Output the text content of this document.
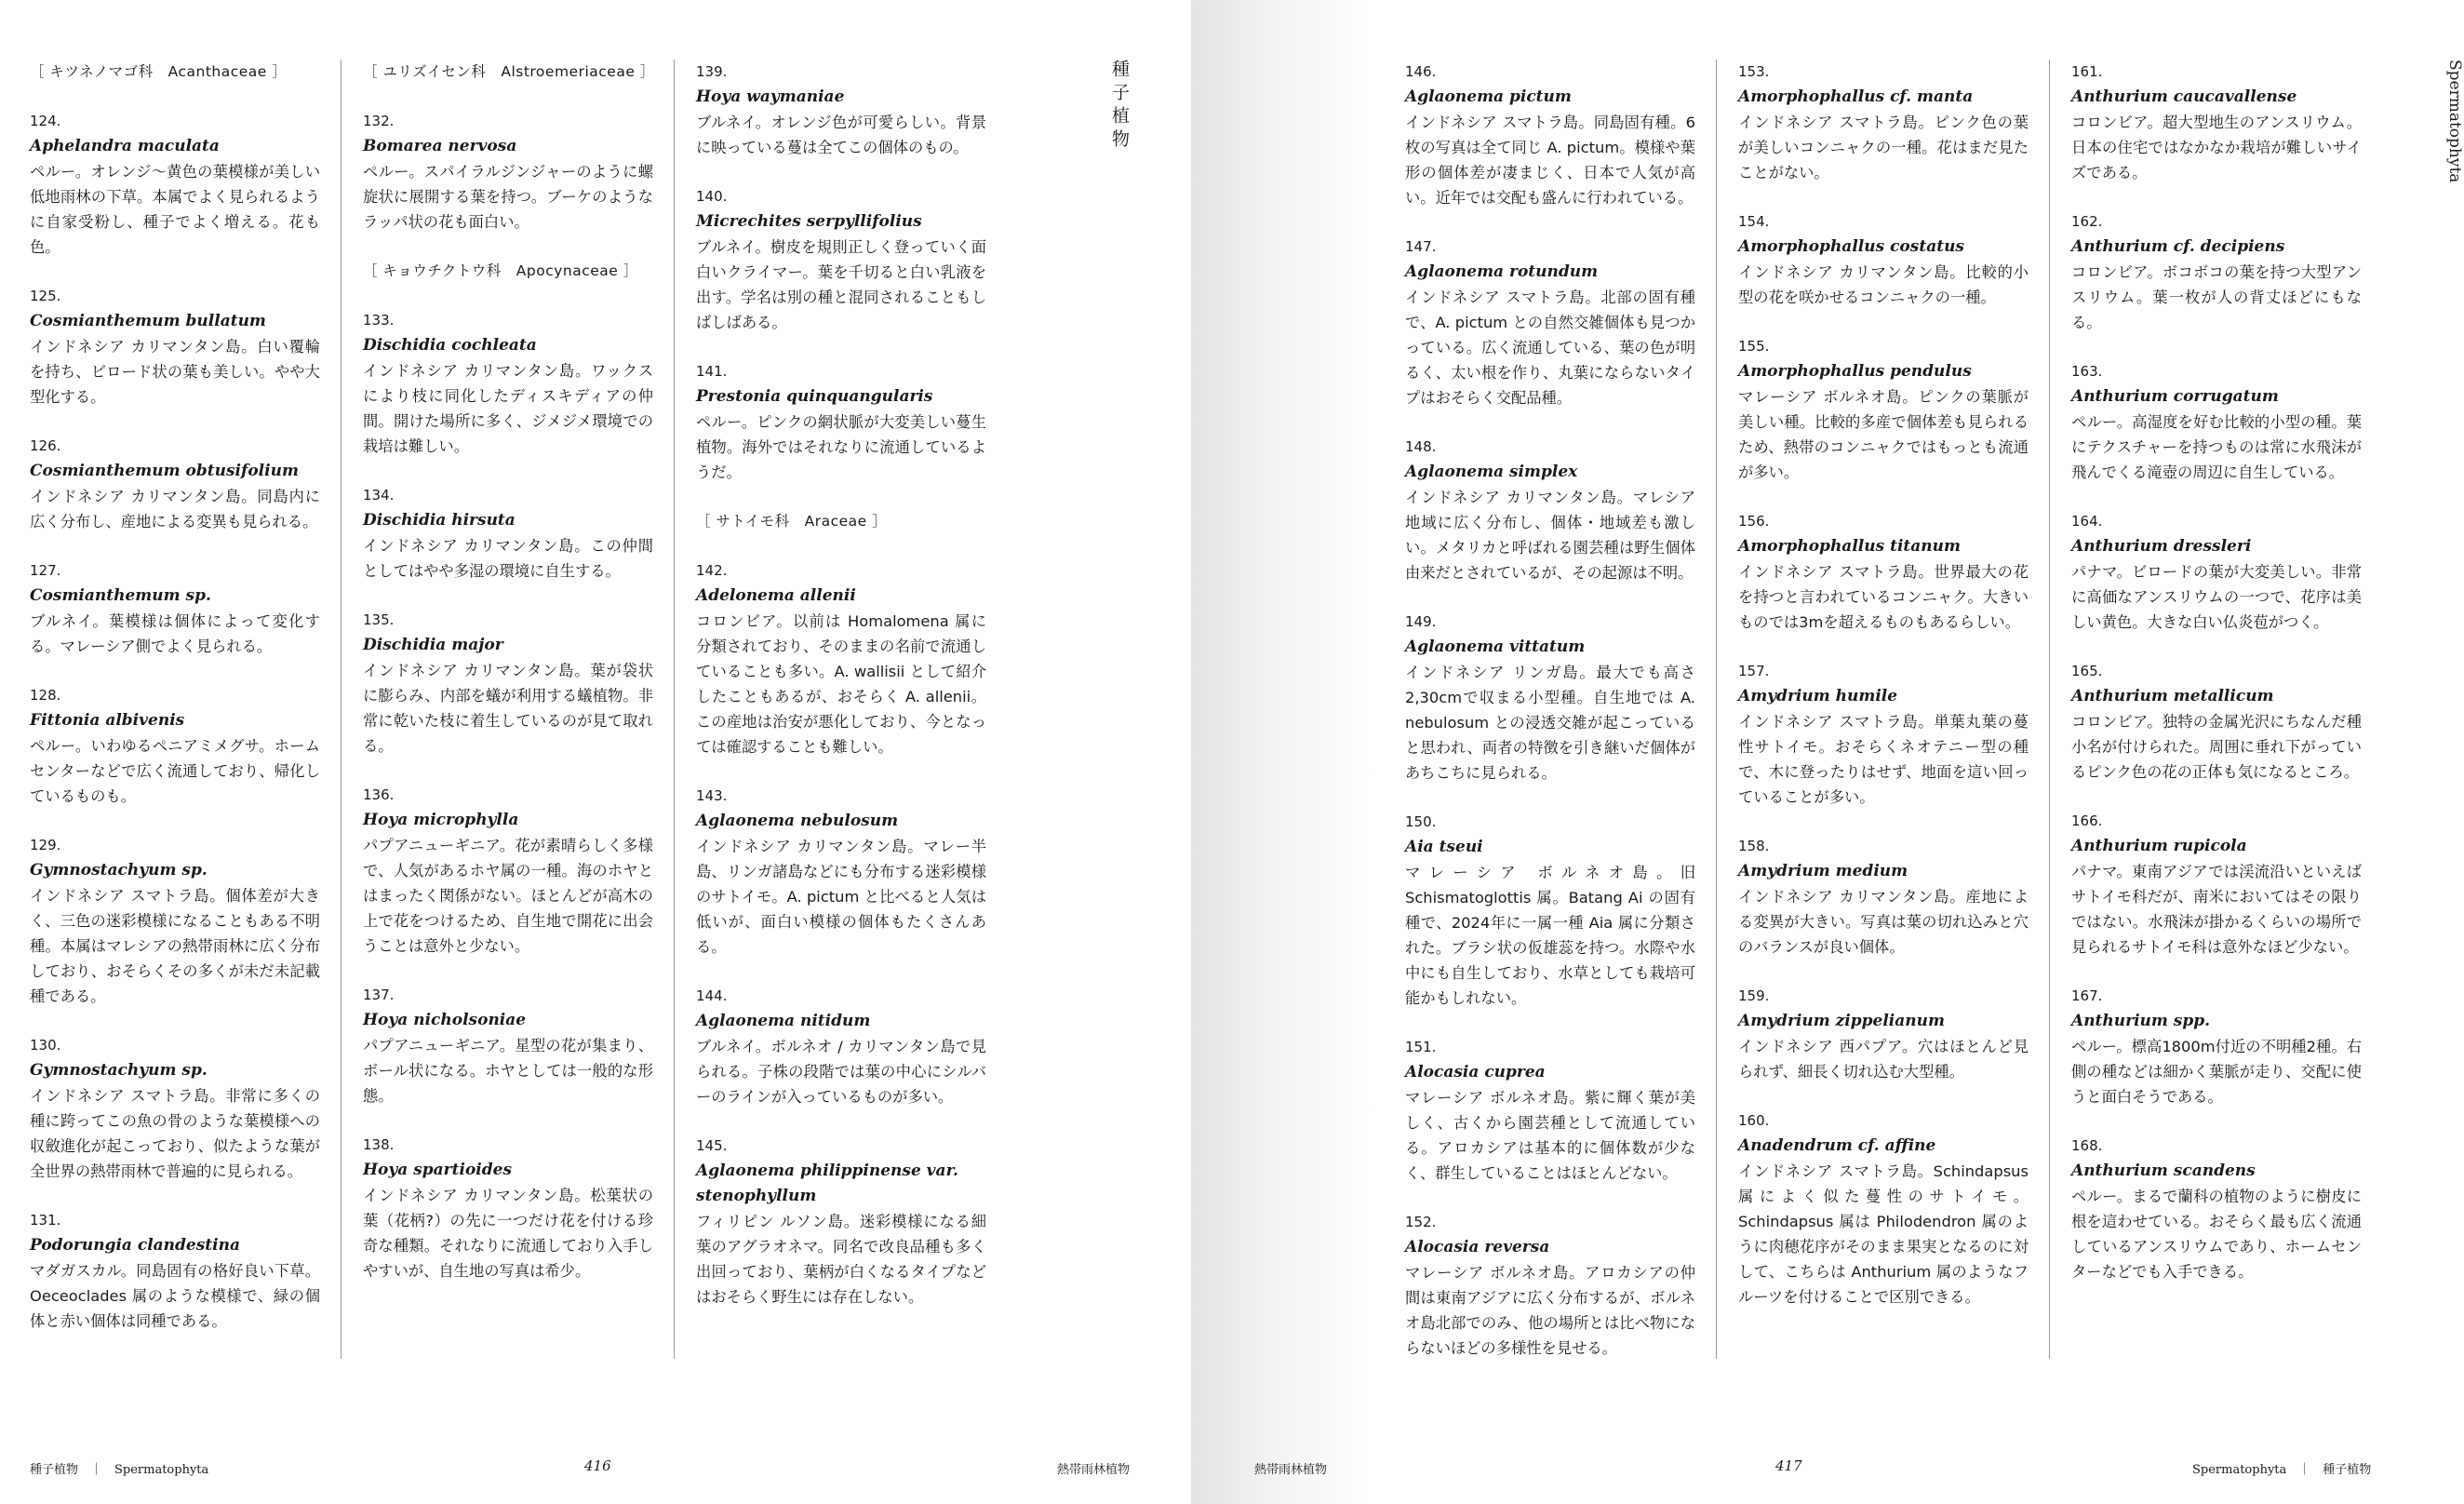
［ キツネノマゴ科　Acanthaceae ］
124.
Aphelandra maculata
ペルー。オレンジ〜黄色の葉模様が美しい低地雨林の下草。本属でよく見られるように自家受粉し、種子でよく増える。花も色。
125.
Cosmianthemum bullatum
インドネシア カリマンタン島。白い覆輪を持ち、ビロード状の葉も美しい。やや大型化する。
126.
Cosmianthemum obtusifolium
インドネシア カリマンタン島。同島内に広く分布し、産地による変異も見られる。
127.
Cosmianthemum sp.
ブルネイ。葉模様は個体によって変化する。マレーシア側でよく見られる。
128.
Fittonia albivenis
ペルー。いわゆるペニアミメグサ。ホームセンターなどで広く流通しており、帰化しているものも。
129.
Gymnostachyum sp.
インドネシア スマトラ島。個体差が大きく、三色の迷彩模様になることもある不明種。本属はマレシアの熱帯雨林に広く分布しており、おそらくその多くが未だ未記載種である。
130.
Gymnostachyum sp.
インドネシア スマトラ島。非常に多くの種に跨ってこの魚の骨のような葉模様への収斂進化が起こっており、似たような葉が全世界の熱帯雨林で普遍的に見られる。
131.
Podorungia clandestina
マダガスカル。同島固有の格好良い下草。Oeceoclades 属のような模様で、緑の個体と赤い個体は同種である。
［ ユリズイセン科　Alstroemeriaceae ］
132.
Bomarea nervosa
ペルー。スパイラルジンジャーのように螺旋状に展開する葉を持つ。ブーケのようなラッパ状の花も面白い。
［ キョウチクトウ科　Apocynaceae ］
133.
Dischidia cochleata
インドネシア カリマンタン島。ワックスにより枝に同化したディスキディアの仲間。開けた場所に多く、ジメジメ環境での栽培は難しい。
134.
Dischidia hirsuta
インドネシア カリマンタン島。この仲間としてはやや多湿の環境に自生する。
135.
Dischidia major
インドネシア カリマンタン島。葉が袋状に膨らみ、内部を蟻が利用する蟻植物。非常に乾いた枝に着生しているのが見て取れる。
136.
Hoya microphylla
パプアニューギニア。花が素晴らしく多様で、人気があるホヤ属の一種。海のホヤとはまったく関係がない。ほとんどが高木の上で花をつけるため、自生地で開花に出会うことは意外と少ない。
137.
Hoya nicholsoniae
パプアニューギニア。星型の花が集まり、ボール状になる。ホヤとしては一般的な形態。
138.
Hoya spartioides
インドネシア カリマンタン島。松葉状の葉（花柄?）の先に一つだけ花を付ける珍奇な種類。それなりに流通しており入手しやすいが、自生地の写真は希少。
139.
Hoya waymaniae
ブルネイ。オレンジ色が可愛らしい。背景に映っている蔓は全てこの個体のもの。
140.
Micrechites serpyllifolius
ブルネイ。樹皮を規則正しく登っていく面白いクライマー。葉を千切ると白い乳液を出す。学名は別の種と混同されることもしばしばある。
141.
Prestonia quinquangularis
ペルー。ピンクの網状脈が大変美しい蔓生植物。海外ではそれなりに流通しているようだ。
［ サトイモ科　Araceae ］
142.
Adelonema allenii
コロンビア。以前は Homalomena 属に分類されており、そのままの名前で流通していることも多い。A. wallisii として紹介したこともあるが、おそらく A. allenii。この産地は治安が悪化しており、今となっては確認することも難しい。
143.
Aglaonema nebulosum
インドネシア カリマンタン島。マレー半島、リンガ諸島などにも分布する迷彩模様のサトイモ。A. pictum と比べると人気は低いが、面白い模様の個体もたくさんある。
144.
Aglaonema nitidum
ブルネイ。ボルネオ / カリマンタン島で見られる。子株の段階では葉の中心にシルバーのラインが入っているものが多い。
145.
Aglaonema philippinense var. stenophyllum
フィリピン ルソン島。迷彩模様になる細葉のアグラオネマ。同名で改良品種も多く出回っており、葉柄が白くなるタイプなどはおそらく野生には存在しない。
種子植物
種子植物　｜　Spermatophyta	416	熱帯雨林植物
Spermatophyta
146.
Aglaonema pictum
インドネシア スマトラ島。同島固有種。6枚の写真は全て同じ A. pictum。模様や葉形の個体差が凄まじく、日本で人気が高い。近年では交配も盛んに行われている。
147.
Aglaonema rotundum
インドネシア スマトラ島。北部の固有種で、A. pictum との自然交雑個体も見つかっている。広く流通している、葉の色が明るく、太い根を作り、丸葉にならないタイプはおそらく交配品種。
148.
Aglaonema simplex
インドネシア カリマンタン島。マレシア地域に広く分布し、個体・地域差も激しい。メタリカと呼ばれる園芸種は野生個体由来だとされているが、その起源は不明。
149.
Aglaonema vittatum
インドネシア リンガ島。最大でも高さ2,30cmで収まる小型種。自生地では A. nebulosum との浸透交雑が起こっていると思われ、両者の特徴を引き継いだ個体があちこちに見られる。
150.
Aia tseui
マレーシア ボルネオ島。旧 Schismatoglottis 属。Batang Ai の固有種で、2024年に一属一種 Aia 属に分類された。ブラシ状の仮雄蕊を持つ。水際や水中にも自生しており、水草としても栽培可能かもしれない。
151.
Alocasia cuprea
マレーシア ボルネオ島。紫に輝く葉が美しく、古くから園芸種として流通している。アロカシアは基本的に個体数が少なく、群生していることはほとんどない。
152.
Alocasia reversa
マレーシア ボルネオ島。アロカシアの仲間は東南アジアに広く分布するが、ボルネオ島北部でのみ、他の場所とは比べ物にならないほどの多様性を見せる。
153.
Amorphophallus cf. manta
インドネシア スマトラ島。ピンク色の葉が美しいコンニャクの一種。花はまだ見たことがない。
154.
Amorphophallus costatus
インドネシア カリマンタン島。比較的小型の花を咲かせるコンニャクの一種。
155.
Amorphophallus pendulus
マレーシア ボルネオ島。ピンクの葉脈が美しい種。比較的多産で個体差も見られるため、熱帯のコンニャクではもっとも流通が多い。
156.
Amorphophallus titanum
インドネシア スマトラ島。世界最大の花を持つと言われているコンニャク。大きいものでは3mを超えるものもあるらしい。
157.
Amydrium humile
インドネシア スマトラ島。単葉丸葉の蔓性サトイモ。おそらくネオテニー型の種で、木に登ったりはせず、地面を這い回っていることが多い。
158.
Amydrium medium
インドネシア カリマンタン島。産地による変異が大きい。写真は葉の切れ込みと穴のバランスが良い個体。
159.
Amydrium zippelianum
インドネシア 西パプア。穴はほとんど見られず、細長く切れ込む大型種。
160.
Anadendrum cf. affine
インドネシア スマトラ島。Schindapsus 属によく似た蔓性のサトイモ。Schindapsus 属は Philodendron 属のように肉穂花序がそのまま果実となるのに対して、こちらは Anthurium 属のようなフルーツを付けることで区別できる。
161.
Anthurium caucavallense
コロンビア。超大型地生のアンスリウム。日本の住宅ではなかなか栽培が難しいサイズである。
162.
Anthurium cf. decipiens
コロンビア。ボコボコの葉を持つ大型アンスリウム。葉一枚が人の背丈ほどにもなる。
163.
Anthurium corrugatum
ペルー。高湿度を好む比較的小型の種。葉にテクスチャーを持つものは常に水飛沫が飛んでくる滝壺の周辺に自生している。
164.
Anthurium dressleri
パナマ。ビロードの葉が大変美しい。非常に高価なアンスリウムの一つで、花序は美しい黄色。大きな白い仏炎苞がつく。
165.
Anthurium metallicum
コロンビア。独特の金属光沢にちなんだ種小名が付けられた。周囲に垂れ下がっているピンク色の花の正体も気になるところ。
166.
Anthurium rupicola
パナマ。東南アジアでは渓流沿いといえばサトイモ科だが、南米においてはその限りではない。水飛沫が掛かるくらいの場所で見られるサトイモ科は意外なほど少ない。
167.
Anthurium spp.
ペルー。標高1800m付近の不明種2種。右側の種などは細かく葉脈が走り、交配に使うと面白そうである。
168.
Anthurium scandens
ペルー。まるで蘭科の植物のように樹皮に根を這わせている。おそらく最も広く流通しているアンスリウムであり、ホームセンターなどでも入手できる。
熱帯雨林植物	417	Spermatophyta　｜　種子植物
